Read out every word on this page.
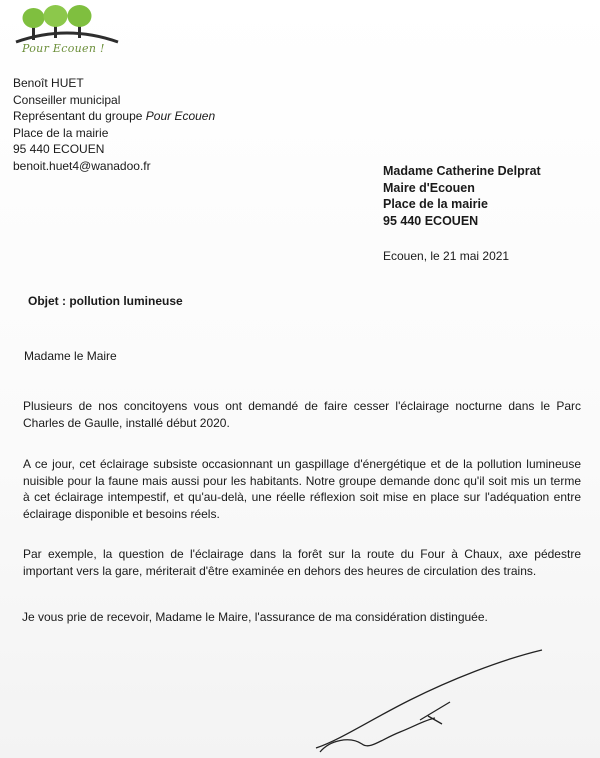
Pour Ecouen !
Benoît HUET
Conseiller municipal
Représentant du groupe Pour Ecouen
Place de la mairie
95 440 ECOUEN
benoit.huet4@wanadoo.fr	Madame Catherine Delprat
Maire d'Ecouen
Place de la mairie
95 440 ECOUEN
Ecouen, le 21 mai 2021
Objet : pollution lumineuse
Madame le Maire
Plusieurs de nos concitoyens vous ont demandé de faire cesser l'éclairage nocturne dans le Parc Charles de Gaulle, installé début 2020.
A ce jour, cet éclairage subsiste occasionnant un gaspillage d'énergétique et de la pollution lumineuse nuisible pour la faune mais aussi pour les habitants. Notre groupe demande donc qu'il soit mis un terme à cet éclairage intempestif, et qu'au-delà, une réelle réflexion soit mise en place sur l'adéquation entre éclairage disponible et besoins réels.
Par exemple, la question de l'éclairage dans la forêt sur la route du Four à Chaux, axe pédestre important vers la gare, mériterait d'être examinée en dehors des heures de circulation des trains.
Je vous prie de recevoir, Madame le Maire, l'assurance de ma considération distinguée.
